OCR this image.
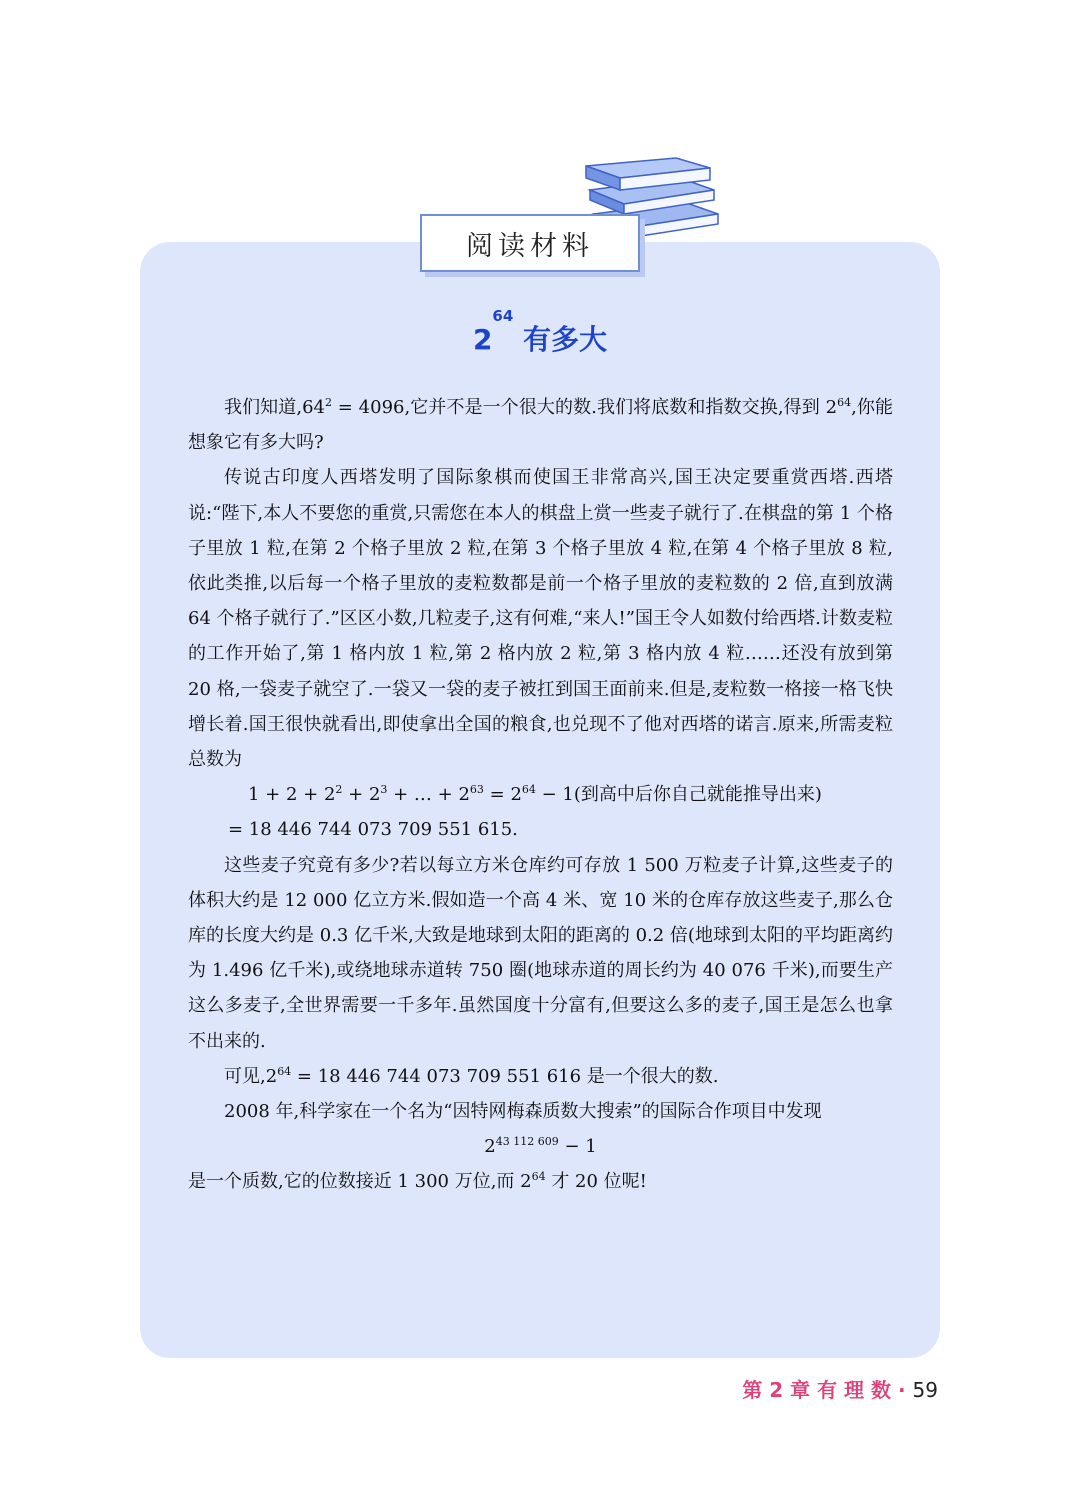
阅读材料
$2^{64}$ 有多大

我们知道$,64^2 = 4096$,它并不是一个很大的数.我们将底数和指数交换,得到 $2^{64}$,你能想象它有多大吗?

传说古印度人西塔发明了国际象棋而使国王非常高兴,国王决定要重赏西塔.西塔说:“陛下,本人不要您的重赏,只需您在本人的棋盘上赏一些麦子就行了.在棋盘的第 1 个格子里放 1 粒,在第 2 个格子里放 2 粒,在第 3 个格子里放 4 粒,在第 4 个格子里放 8 粒,依此类推,以后每一个格子里放的麦粒数都是前一个格子里放的麦粒数的 2 倍,直到放满 64 个格子就行了.”区区小数,几粒麦子,这有何难,“来人!”国王令人如数付给西塔.计数麦粒的工作开始了,第 1 格内放 1 粒,第 2 格内放 2 粒,第 3 格内放 4 粒……还没有放到第 20 格,一袋麦子就空了.一袋又一袋的麦子被扛到国王面前来.但是,麦粒数一格接一格飞快增长着.国王很快就看出,即使拿出全国的粮食,也兑现不了他对西塔的诺言.原来,所需麦粒总数为

$1 + 2 + 2^2 + 2^3$ + … + $2^{63} = 2^{64} - 1$(到高中后你自己就能推导出来)

= 18 446 744 073 709 551 615.

这些麦子究竟有多少?若以每立方米仓库约可存放 1 500 万粒麦子计算,这些麦子的体积大约是 12 000 亿立方米.假如造一个高 4 米、宽 10 米的仓库存放这些麦子,那么仓库的长度大约是 0.3 亿千米,大致是地球到太阳的距离的 0.2 倍(地球到太阳的平均距离约为 1.496 亿千米),或绕地球赤道转 750 圈(地球赤道的周长约为 40 076 千米),而要生产这么多麦子,全世界需要一千多年.虽然国度十分富有,但要这么多的麦子,国王是怎么也拿不出来的.

可见$,2^{64} = 18$ 446 744 073 709 551 616 是一个很大的数.

2008 年,科学家在一个名为“因特网梅森质数大搜索”的国际合作项目中发现

$2^{43 112 609} - 1$

是一个质数,它的位数接近 1 300 万位,而 $2^{64}$ 才 20 位呢!

第 2 章 有 理 数 · 59
